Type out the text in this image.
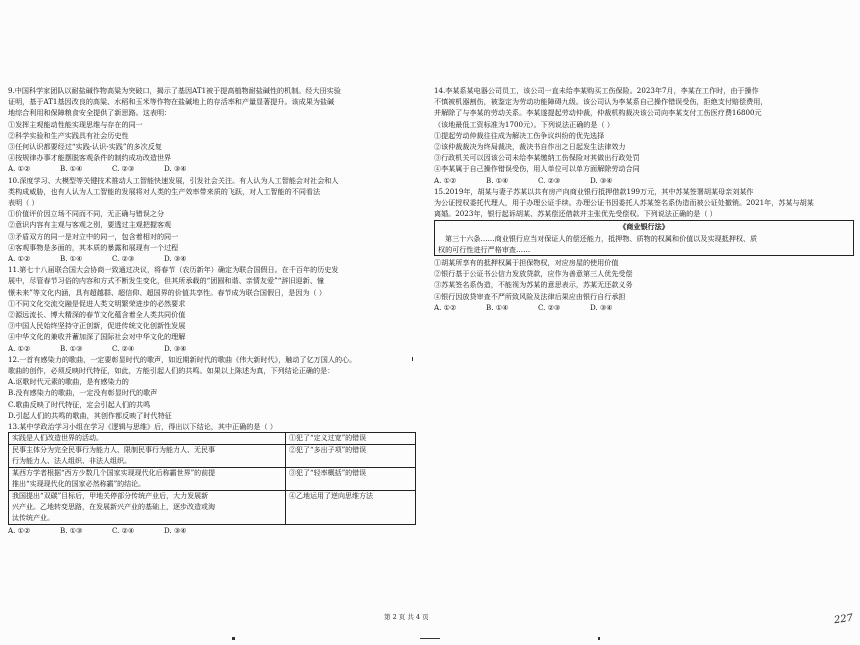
9.中国科学家团队以耐盐碱作物高粱为突破口，揭示了基因AT1被于提高植物耐盐碱性的机制。经大田实验
证明，基于AT1基因改良的高粱、水稻和玉米等作物在盐碱地上的存活率和产量显著提升。该成果为盐碱
地综合利用和保障粮食安全提供了新思路。这表明：
①发挥主观能动性能实现思维与存在的同一
②科学实验和生产实践具有社会历史性
③任何认识都要经过“实践-认识-实践”的多次反复
④按规律办事才能摆脱客观条件的制约成功改造世界
A. ①②	B. ①④	C. ②③	D. ③④
10.深度学习、大模型等关键技术推动人工智能快速发展，引发社会关注。有人认为人工智能会对社会和人
类构成威胁，也有人认为人工智能的发展将对人类的生产效率带来质的飞跃，对人工智能的不同看法
表明（ ）
①价值评价因立场不同而不同，无正确与错误之分
②意识内容有主观与客观之别，要透过主观把握客观
③矛盾双方的同一是对立中的同一，包含着相对的同一
④客观事物是多面的，其本质的暴露和展现有一个过程
A. ①②	B. ①④	C. ②③	D. ③④
11.第七十八届联合国大会协商一致通过决议，将春节（农历新年）确定为联合国假日。在千百年的历史发
展中，尽管春节习俗的内容和方式不断发生变化，但其所承载的“团圆和谐、亲情友爱”“辞旧迎新、憧
憬未来”等文化内涵，具有超越群、超信仰、超国界的价值共享性。春节成为联合国假日，是因为（ ）
①不同文化交流交融是促进人类文明繁荣进步的必然要求
②源远流长、博大精深的春节文化蕴含着全人类共同价值
③中国人民始终坚持守正创新，促进传统文化创新性发展
④中华文化的兼收并蓄加深了国际社会对中华文化的理解
A. ①②	B. ①③	C. ②④	D. ③④
12.一首有感染力的歌曲，一定要彰显时代的歌声，如近期新时代的歌曲《伟大新时代》，触动了亿万国人的心。
歌曲的创作，必须反映时代特征，如此，方能引起人们的共鸣。如果以上陈述为真，下列结论正确的是：
A.讴歌时代元素的歌曲，是有感染力的
B.没有感染力的歌曲，一定没有彰显时代的歌声
C.歌曲反映了时代特征，定会引起人们的共鸣
D.引起人们的共鸣的歌曲，其创作都反映了时代特征
13.某中学政治学习小组在学习《逻辑与思维》后，得出以下结论，其中正确的是（ ）
实践是人们改造世界的活动。	①犯了“定义过宽”的错误

民事主体分为完全民事行为能力人、限制民事行为能力人、无民事
行为能力人、法人组织、非法人组织。	②犯了“多出子项”的错误

某西方学者根据“西方少数几个国家实现现代化后称霸世界”的前提
推出“实现现代化的国家必然称霸”的结论。	③犯了“轻率概括”的错误

我国提出“双碳”目标后，甲地关停部分传统产业后，大力发展新
兴产业。乙地转变思路，在发展新兴产业的基础上，逐步改造或淘
汰传统产业。	④乙地运用了逆向思维方法
A. ①②	B. ①③	C. ②④	D. ③④
14.李某系某电器公司员工，该公司一直未给李某购买工伤保险。2023年7月，李某在工作时，由于操作
不慎被机器割伤，被鉴定为劳动功能障碍九级。该公司认为李某系自己操作错误受伤，拒绝支付赔偿费用，
并解除了与李某的劳动关系。李某遂提起劳动仲裁，仲裁机构裁决该公司向李某支付工伤医疗费16800元
（该地最低工资标准为1700元）。下列说法正确的是（ ）
①提起劳动仲裁往往成为解决工伤争议纠纷的优先选择
②该仲裁裁决为终局裁决，裁决书自作出之日起发生法律效力
③行政机关可以因该公司未给李某缴纳工伤保险对其做出行政处罚
④李某属于自己操作错误受伤，用人单位可以单方面解除劳动合同
A. ①②	B. ①④	C. ②③	D. ③④
15.2019年，胡某与妻子苏某以共有房产向商业银行抵押借款199万元，其中苏某签署胡某母亲刘某作
为公证授权委托代理人，用于办理公证手续。办理公证书因委托人苏某签名系伪造而被公证处撤销。2021年，苏某与胡某
离婚。2023年，银行起诉胡某、苏某偿还借款并主张优先受偿权。下列说法正确的是（ ）
《商业银行法》
第三十六条……商业银行应当对保证人的偿还能力，抵押物、质物的权属和价值以及实现抵押权、质
权的可行性进行严格审查……
①胡某所享有的抵押权属于担保物权，对应房屋的使用价值
②银行基于公证书公信力发放贷款，应作为善意第三人优先受偿
③苏某签名系伪造，不能视为苏某的意思表示，苏某无还款义务
④银行因放贷审查不严所致风险及法律后果应由银行自行承担
A. ①②	B. ①④	C. ②③	D. ③④
第 2 页 共 4 页	227
